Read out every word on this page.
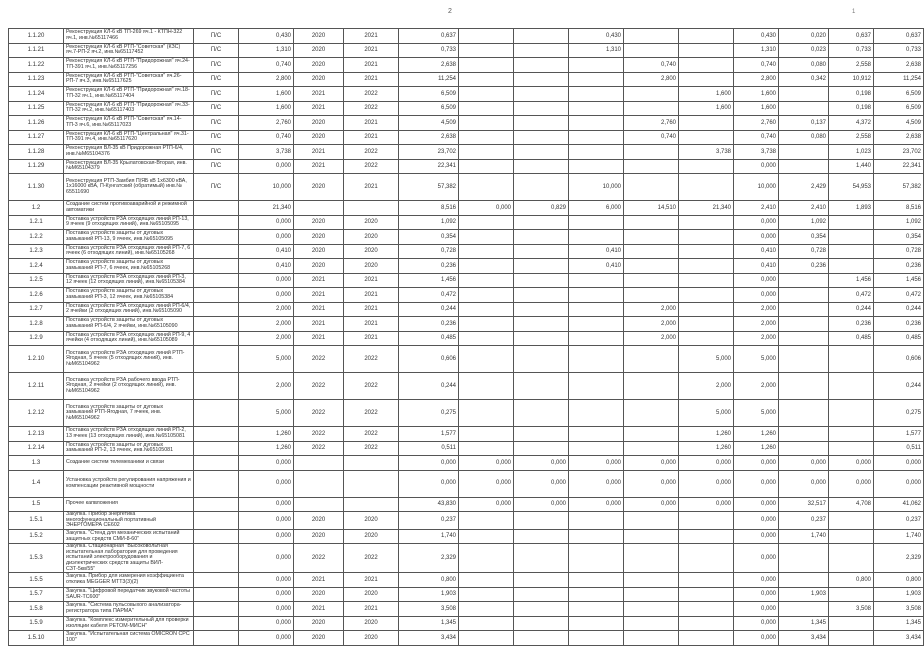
2	1
1.1.20	Реконструкция КЛ-6 кВ ТП-269 яч.1 - КТПН-322 яч.1, инв.№65117466	П/С	0,430	2020	2021	0,637			0,430			0,430	0,020	0,637	0,637
1.1.21	Реконструкция КЛ-6 кВ РТП-"Советская" (КЗС) яч.7-РП-2 яч.2, инв.№65117452	П/С	1,310	2020	2021	0,733			1,310			1,310	0,023	0,733	0,733
1.1.22	Реконструкция КЛ-6 кВ РТП-"Придорожная" яч.24-ТП-391 яч.1, инв.№65117256	П/С	0,740	2020	2021	2,638				0,740		0,740	0,080	2,558	2,638
1.1.23	Реконструкция КЛ-6 кВ РТП-"Советская" яч.26-РП-7 яч.3, инв.№65117625	П/С	2,800	2020	2021	11,254				2,800		2,800	0,342	10,912	11,254
1.1.24	Реконструкция КЛ-6 кВ РТП-"Придорожная" яч.18-ТП-32 яч.1, инв.№65117404	П/С	1,600	2021	2022	6,509					1,600	1,600		0,198	6,509
1.1.25	Реконструкция КЛ-6 кВ РТП-"Придорожная" яч.33-ТП-32 яч.2, инв.№65117403	П/С	1,600	2021	2022	6,509					1,600	1,600		0,198	6,509
1.1.26	Реконструкция КЛ-6 кВ РТП-"Советская" яч.14-ТП-3 яч.6, инв.№65117023	П/С	2,760	2020	2021	4,509				2,760		2,760	0,137	4,372	4,509
1.1.27	Реконструкция КЛ-6 кВ РТП-"Центральная" яч.31-ТП-391 яч.4, инв.№65117620	П/С	0,740	2020	2021	2,638				0,740		0,740	0,080	2,558	2,638
1.1.28	Реконструкция ВЛ-35 кВ Придорожная РТП-6/4, инв.№M65104376	П/С	3,738	2021	2022	23,702					3,738	3,738		1,023	23,702
1.1.29	Реконструкция ВЛ-35 Крылатовская-Вторая, инв.№M65104379	П/С	0,000	2021	2022	22,341						0,000		1,440	22,341
1.1.30	Реконструкция РТП-Замбия П/ЯБ кВ 1х6300 кВА, 1х16000 кВА, П-Кунгатский (обратимый) инв.№ 65511690	П/С	10,000	2020	2021	57,382			10,000			10,000	2,429	54,953	57,382
1.2	Создание систем противоаварийной и режимной автоматики		21,340			8,516	0,000	0,829	6,000	14,510	21,340	2,410	2,410	1,893	8,516
1.2.1	Поставка устройств РЗА отходящих линий РП-13, 9 ячеек (9 отходящих линий), инв.№65105095		0,000	2020	2020	1,092						0,000	1,092		1,092
1.2.2	Поставка устройств защиты от дуговых замыканий РП-13, 9 ячеек, инв.№65105095		0,000	2020	2020	0,354						0,000	0,354		0,354
1.2.3	Поставка устройств РЗА отходящих линий РП-7, 6 ячеек (6 отходящих линий), инв.№65105268		0,410	2020	2020	0,728			0,410			0,410	0,728		0,728
1.2.4	Поставка устройств защиты от дуговых замыканий РП-7, 6 ячеек, инв.№65105268		0,410	2020	2020	0,236			0,410			0,410	0,236		0,236
1.2.5	Поставка устройств РЗА отходящих линий РП-3, 12 ячеек (12 отходящих линий), инв.№65105384		0,000	2021	2021	1,456						0,000		1,456	1,456
1.2.6	Поставка устройств защиты от дуговых замыканий РП-3, 12 ячеек, инв.№65105384		0,000	2021	2021	0,472						0,000		0,472	0,472
1.2.7	Поставка устройств РЗА отходящих линий РП-6/4, 2 ячейки (2 отходящих линий), инв.№65105090		2,000	2021	2021	0,244				2,000		2,000		0,244	0,244
1.2.8	Поставка устройств защиты от дуговых замыканий РП-6/4, 2 ячейки, инв.№65105090		2,000	2021	2021	0,236				2,000		2,000		0,236	0,236
1.2.9	Поставка устройств РЗА отходящих линий РП-9, 4 ячейки (4 отходящих линий), инв.№65105089		2,000	2021	2021	0,485				2,000		2,000		0,485	0,485
1.2.10	Поставка устройств РЗА отходящих линий РТП-Ягодная, 5 ячеек (5 отходящих линий), инв.№M65104962		5,000	2022	2022	0,606					5,000	5,000			0,606
1.2.11	Поставка устройств РЗА рабочего ввода РТП-Ягодная, 2 ячейки (2 отходящих линий), инв.№M65104962		2,000	2022	2022	0,244					2,000	2,000			0,244
1.2.12	Поставка устройств защиты от дуговых замыканий РТП-Ягодная, 7 ячеек, инв.№M65104962		5,000	2022	2022	0,275					5,000	5,000			0,275
1.2.13	Поставка устройств РЗА отходящих линий РП-2, 13 ячеек (13 отходящих линий), инв.№65105081		1,260	2022	2022	1,577					1,260	1,260			1,577
1.2.14	Поставка устройств защиты от дуговых замыканий РП-2, 13 ячеек, инв.№65105081		1,260	2022	2022	0,511					1,260	1,260			0,511
1.3	Создание систем телемеханики и связи		0,000			0,000	0,000	0,000	0,000	0,000	0,000	0,000	0,000	0,000	0,000
1.4	Установка устройств регулирования напряжения и компенсации реактивной мощности		0,000			0,000	0,000	0,000	0,000	0,000	0,000	0,000	0,000	0,000	0,000
1.5	Прочее капвложения		0,000			43,830	0,000	0,000	0,000	0,000	0,000	0,000	32,517	4,708	41,062
1.5.1	Закупка. Прибор энергетика многофункциональный портативный ЭНЕРГОМЕРА СЕ602		0,000	2020	2020	0,237						0,000	0,237		0,237
1.5.2	Закупка. "Стенд для механических испытаний защитных средств СМИ-8-60"		0,000	2020	2020	1,740						0,000	1,740		1,740
1.5.3	Закупка. Стационарная "Высоковольтная испытательная лаборатория для проведения испытаний электрооборудования и диэлектрических средств защиты ВИЛ-СЗТ-5кв/55"		0,000	2022	2022	2,329						0,000			2,329
1.5.5	Закупка. Прибор для измерения коэффициента отклика MEGGER MTТ3(3)(2)		0,000	2021	2021	0,800						0,000		0,800	0,800
1.5.7	Закупка. "Цифровой передатчик звуковой частоты SAUR-TC600"		0,000	2020	2020	1,903						0,000	1,903		1,903
1.5.8	Закупка. "Система пульсовыхого анализатора-регистратора типа ПАРМА"		0,000	2021	2021	3,508						0,000		3,508	3,508
1.5.9	Закупка. "Комплекс измерительный для проверки изоляции кабеля РЕТОМ-МИСН"		0,000	2020	2020	1,345						0,000	1,345		1,345
1.5.10	Закупка. "Испытательная система OMICRON CPC 100"		0,000	2020	2020	3,434						0,000	3,434		3,434
